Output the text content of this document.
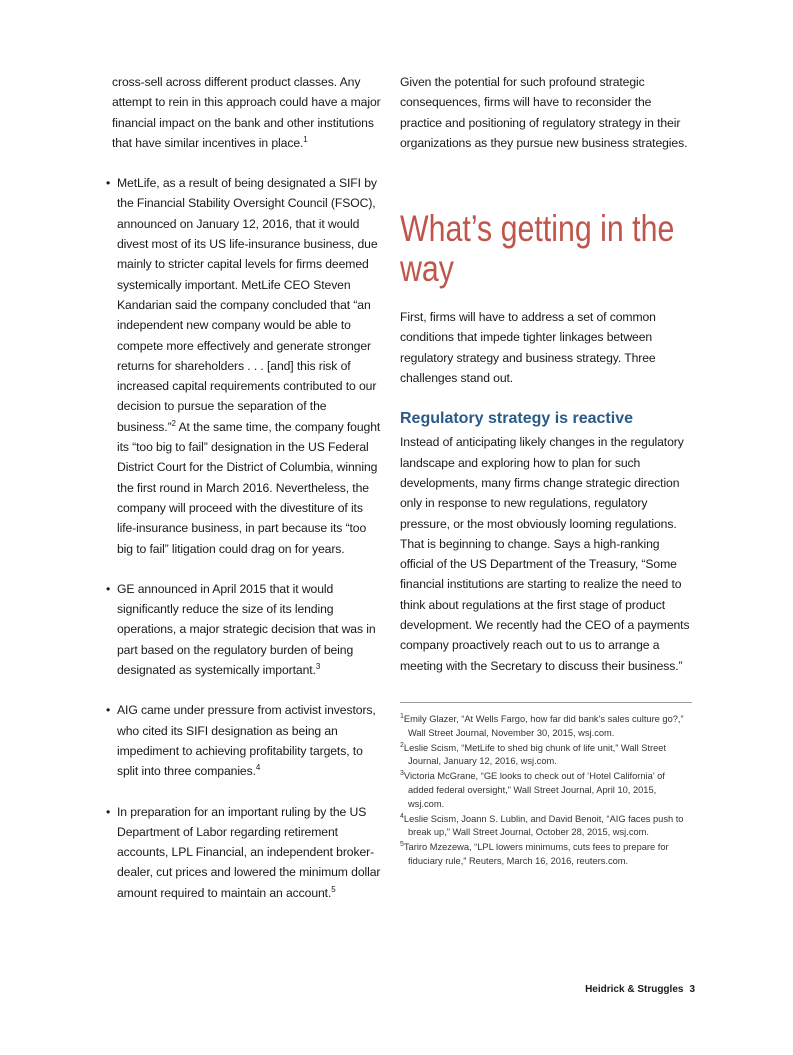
cross-sell across different product classes. Any attempt to rein in this approach could have a major financial impact on the bank and other institutions that have similar incentives in place.$^1$

• MetLife, as a result of being designated a SIFI by the Financial Stability Oversight Council (FSOC), announced on January 12, 2016, that it would divest most of its US life-insurance business, due mainly to stricter capital levels for firms deemed systemically important. MetLife CEO Steven Kandarian said the company concluded that “an independent new company would be able to compete more effectively and generate stronger returns for shareholders . . . [and] this risk of increased capital requirements contributed to our decision to pursue the separation of the business.”$^2$ At the same time, the company fought its “too big to fail” designation in the US Federal District Court for the District of Columbia, winning the first round in March 2016. Nevertheless, the company will proceed with the divestiture of its life-insurance business, in part because its “too big to fail” litigation could drag on for years.

• GE announced in April 2015 that it would significantly reduce the size of its lending operations, a major strategic decision that was in part based on the regulatory burden of being designated as systemically important.$^3$

• AIG came under pressure from activist investors, who cited its SIFI designation as being an impediment to achieving profitability targets, to split into three companies.$^4$

• In preparation for an important ruling by the US Department of Labor regarding retirement accounts, LPL Financial, an independent broker-dealer, cut prices and lowered the minimum dollar amount required to maintain an account.$^5$

Given the potential for such profound strategic consequences, firms will have to reconsider the practice and positioning of regulatory strategy in their organizations as they pursue new business strategies.

What’s getting in the way

First, firms will have to address a set of common conditions that impede tighter linkages between regulatory strategy and business strategy. Three challenges stand out.

Regulatory strategy is reactive

Instead of anticipating likely changes in the regulatory landscape and exploring how to plan for such developments, many firms change strategic direction only in response to new regulations, regulatory pressure, or the most obviously looming regulations. That is beginning to change. Says a high-ranking official of the US Department of the Treasury, “Some financial institutions are starting to realize the need to think about regulations at the first stage of product development. We recently had the CEO of a payments company proactively reach out to us to arrange a meeting with the Secretary to discuss their business.”

$^1$Emily Glazer, “At Wells Fargo, how far did bank’s sales culture go?,” Wall Street Journal, November 30, 2015, wsj.com.
$^2$Leslie Scism, “MetLife to shed big chunk of life unit,” Wall Street Journal, January 12, 2016, wsj.com.
$^3$Victoria McGrane, “GE looks to check out of ‘Hotel California’ of added federal oversight,” Wall Street Journal, April 10, 2015, wsj.com.
$^4$Leslie Scism, Joann S. Lublin, and David Benoit, “AIG faces push to break up,” Wall Street Journal, October 28, 2015, wsj.com.
$^5$Tariro Mzezewa, “LPL lowers minimums, cuts fees to prepare for fiduciary rule,” Reuters, March 16, 2016, reuters.com.
Heidrick & Struggles 3
